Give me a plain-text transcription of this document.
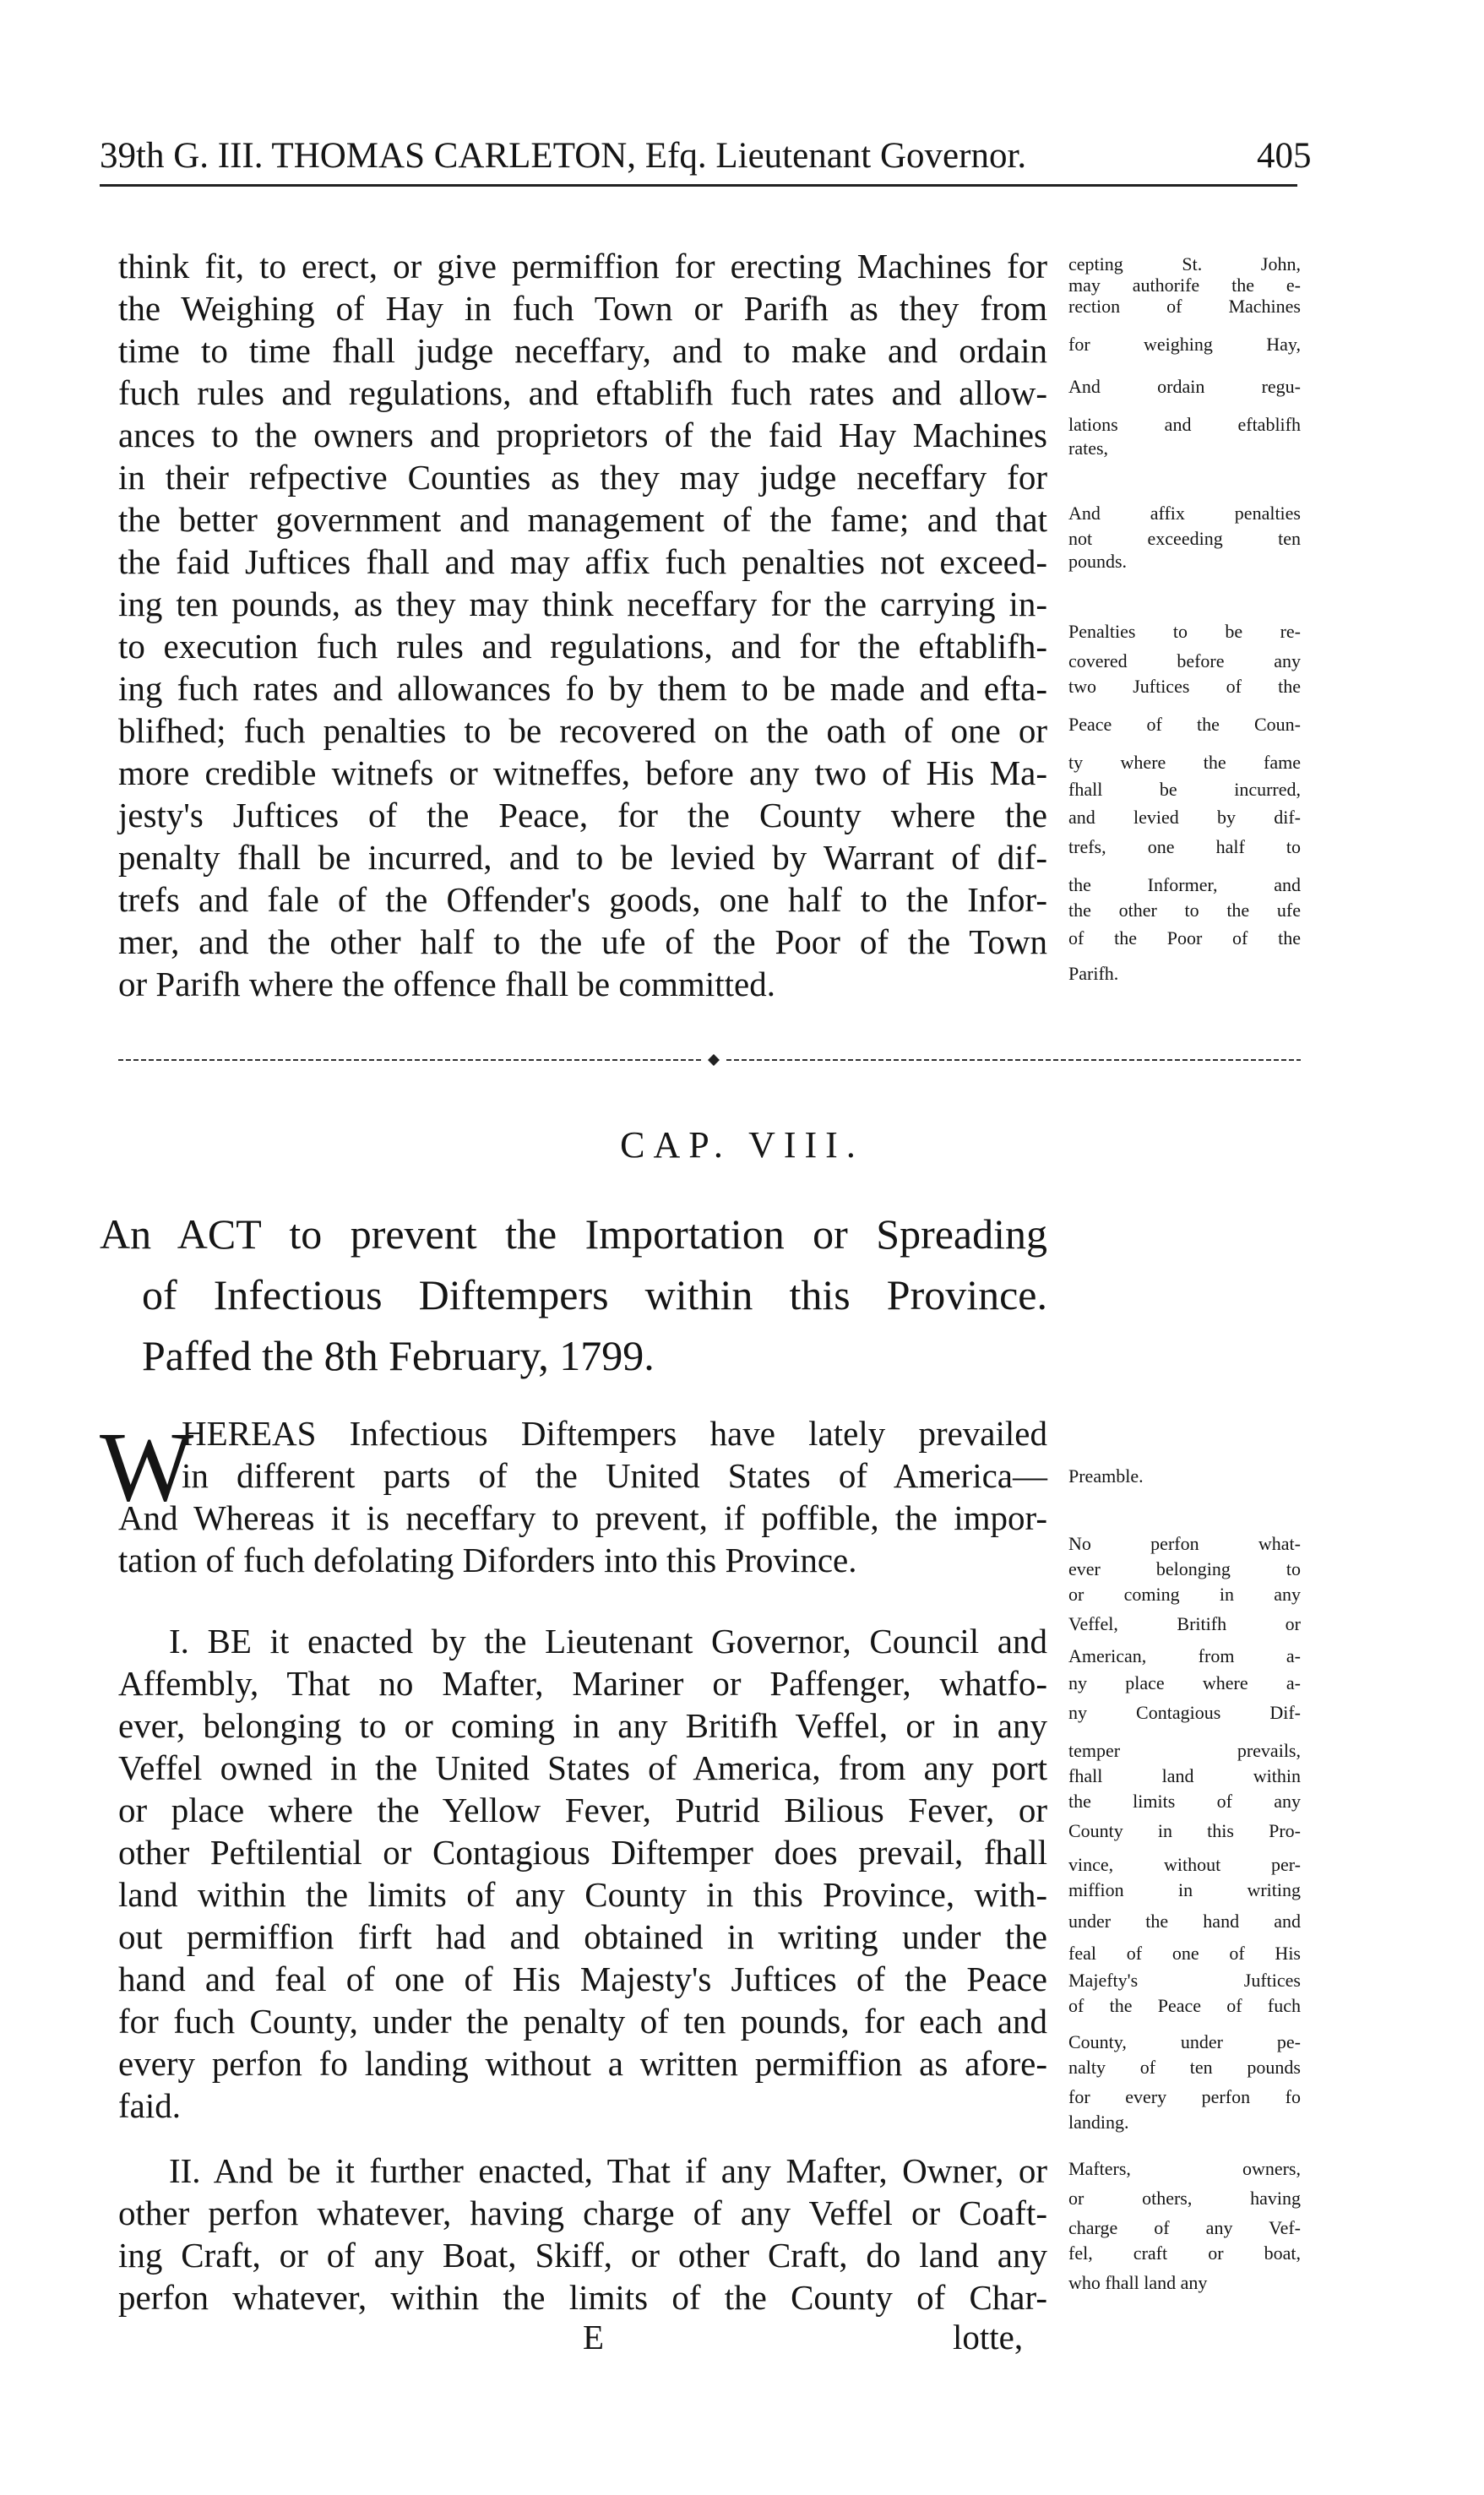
39th G. III. THOMAS CARLETON, Efq. Lieutenant Governor.	405
think fit, to erect, or give permiffion for erecting Machines for
the Weighing of Hay in fuch Town or Parifh as they from
time to time fhall judge neceffary, and to make and ordain
fuch rules and regulations, and eftablifh fuch rates and allow-
ances to the owners and proprietors of the faid Hay Machines
in their refpective Counties as they may judge neceffary for
the better government and management of the fame; and that
the faid Juftices fhall and may affix fuch penalties not exceed-
ing ten pounds, as they may think neceffary for the carrying in-
to execution fuch rules and regulations, and for the eftablifh-
ing fuch rates and allowances fo by them to be made and efta-
blifhed; fuch penalties to be recovered on the oath of one or
more credible witnefs or witneffes, before any two of His Ma-
jesty's Juftices of the Peace, for the County where the
penalty fhall be incurred, and to be levied by Warrant of dif-
trefs and fale of the Offender's goods, one half to the Infor-
mer, and the other half to the ufe of the Poor of the Town
or Parifh where the offence fhall be committed.
cepting St. John,
may authorife the e-
rection of Machines
for weighing Hay,
And ordain regu-
lations and eftablifh
rates,
And affix penalties
not exceeding ten
pounds.
Penalties to be re-
covered before any
two Juftices of the
Peace of the Coun-
ty where the fame
fhall be incurred,
and levied by dif-
trefs, one half to
the Informer, and
the other to the ufe
of the Poor of the
Parifh.
CAP. VIII.
An ACT to prevent the Importation or Spreading
of Infectious Diftempers within this Province.
Paffed the 8th February, 1799.
W
HEREAS Infectious Diftempers have lately prevailed
in different parts of the United States of America—
And Whereas it is neceffary to prevent, if poffible, the impor-
tation of fuch defolating Diforders into this Province.
Preamble.
I. BE it enacted by the Lieutenant Governor, Council and
Affembly, That no Mafter, Mariner or Paffenger, whatfo-
ever, belonging to or coming in any Britifh Veffel, or in any
Veffel owned in the United States of America, from any port
or place where the Yellow Fever, Putrid Bilious Fever, or
other Peftilential or Contagious Diftemper does prevail, fhall
land within the limits of any County in this Province, with-
out permiffion firft had and obtained in writing under the
hand and feal of one of His Majesty's Juftices of the Peace
for fuch County, under the penalty of ten pounds, for each and
every perfon fo landing without a written permiffion as afore-
faid.
No perfon what-
ever belonging to
or coming in any
Veffel, Britifh or
American, from a-
ny place where a-
ny Contagious Dif-
temper prevails,
fhall land within
the limits of any
County in this Pro-
vince, without per-
miffion in writing
under the hand and
feal of one of His
Majefty's Juftices
of the Peace of fuch
County, under pe-
nalty of ten pounds
for every perfon fo
landing.
II. And be it further enacted, That if any Mafter, Owner, or
other perfon whatever, having charge of any Veffel or Coaft-
ing Craft, or of any Boat, Skiff, or other Craft, do land any
perfon whatever, within the limits of the County of Char-
Mafters, owners,
or others, having
charge of any Vef-
fel, craft or boat,
who fhall land any
E	lotte,
